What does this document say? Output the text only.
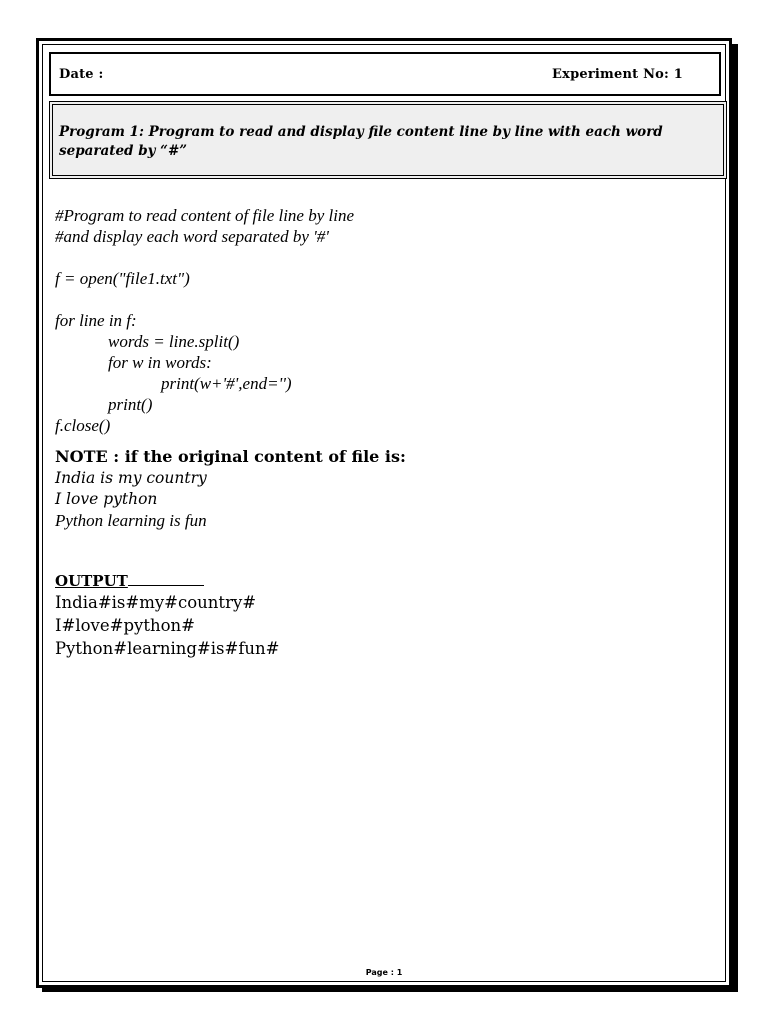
Date :	Experiment No: 1
Program 1: Program to read and display file content line by line with each word separated by “#”
#Program to read content of file line by line
#and display each word separated by '#'
f = open("file1.txt")
for line in f:
words = line.split()
for w in words:
print(w+'#',end='')
print()
f.close()
NOTE : if the original content of file is:
India is my country
I love python
Python learning is fun
OUTPUT
India#is#my#country#
I#love#python#
Python#learning#is#fun#
Page : 1
